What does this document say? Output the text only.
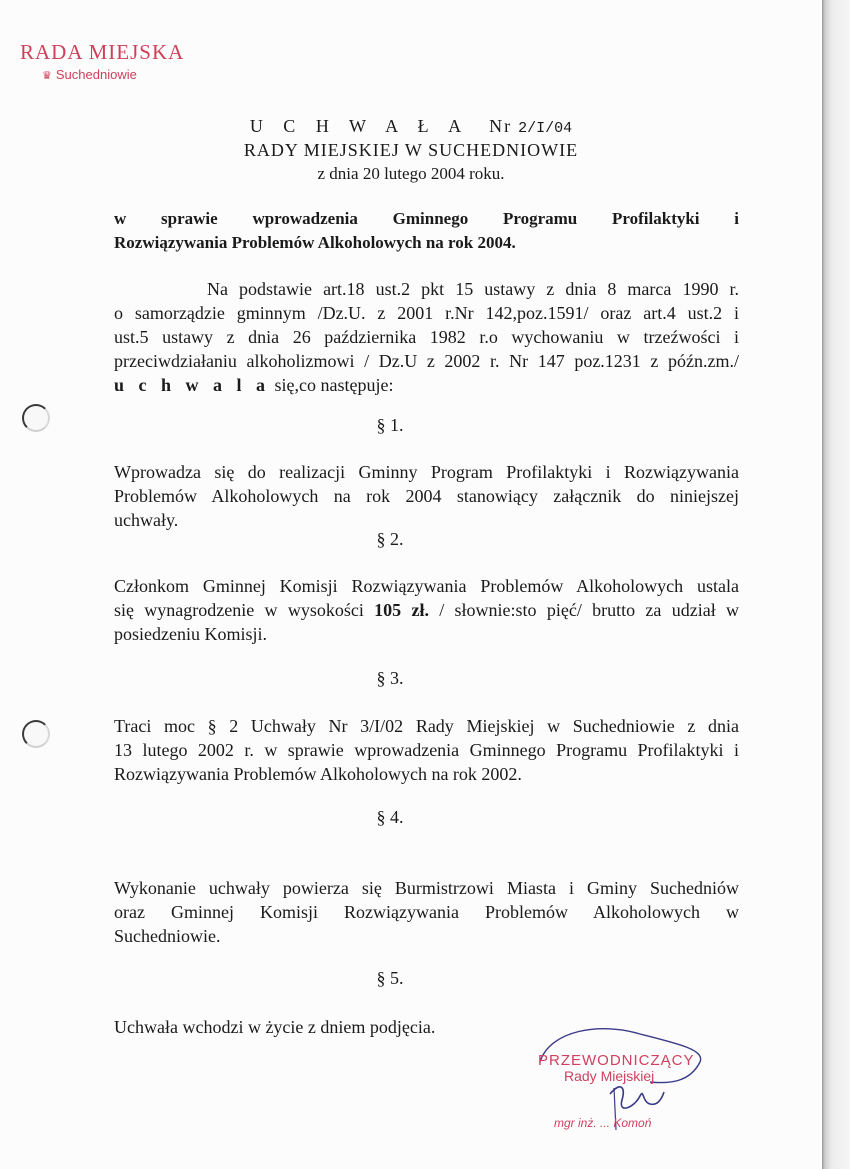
RADA MIEJSKA
♛ Suchedniowie
U C H W A Ł A Nr 2/I/04
RADY MIEJSKIEJ W SUCHEDNIOWIE
z dnia 20 lutego 2004 roku.
w sprawie wprowadzenia Gminnego Programu Profilaktyki i
Rozwiązywania Problemów Alkoholowych na rok 2004.
Na podstawie art.18 ust.2 pkt 15 ustawy z dnia 8 marca 1990 r.
o samorządzie gminnym /Dz.U. z 2001 r.Nr 142,poz.1591/ oraz art.4 ust.2 i
ust.5 ustawy z dnia 26 października 1982 r.o wychowaniu w trzeźwości i
przeciwdziałaniu alkoholizmowi / Dz.U z 2002 r. Nr 147 poz.1231 z późn.zm./
u c h w a l a się,co następuje:
§ 1.
Wprowadza się do realizacji Gminny Program Profilaktyki i Rozwiązywania
Problemów Alkoholowych na rok 2004 stanowiący załącznik do niniejszej
uchwały.
§ 2.
Członkom Gminnej Komisji Rozwiązywania Problemów Alkoholowych ustala
się wynagrodzenie w wysokości 105 zł. / słownie:sto pięć/ brutto za udział w
posiedzeniu Komisji.
§ 3.
Traci moc § 2 Uchwały Nr 3/I/02 Rady Miejskiej w Suchedniowie z dnia
13 lutego 2002 r. w sprawie wprowadzenia Gminnego Programu Profilaktyki i
Rozwiązywania Problemów Alkoholowych na rok 2002.
§ 4.
Wykonanie uchwały powierza się Burmistrzowi Miasta i Gminy Suchedniów
oraz Gminnej Komisji Rozwiązywania Problemów Alkoholowych w
Suchedniowie.
§ 5.
Uchwała wchodzi w życie z dniem podjęcia.
PRZEWODNICZĄCY
Rady Miejskiej
mgr inż. ... Komoń
